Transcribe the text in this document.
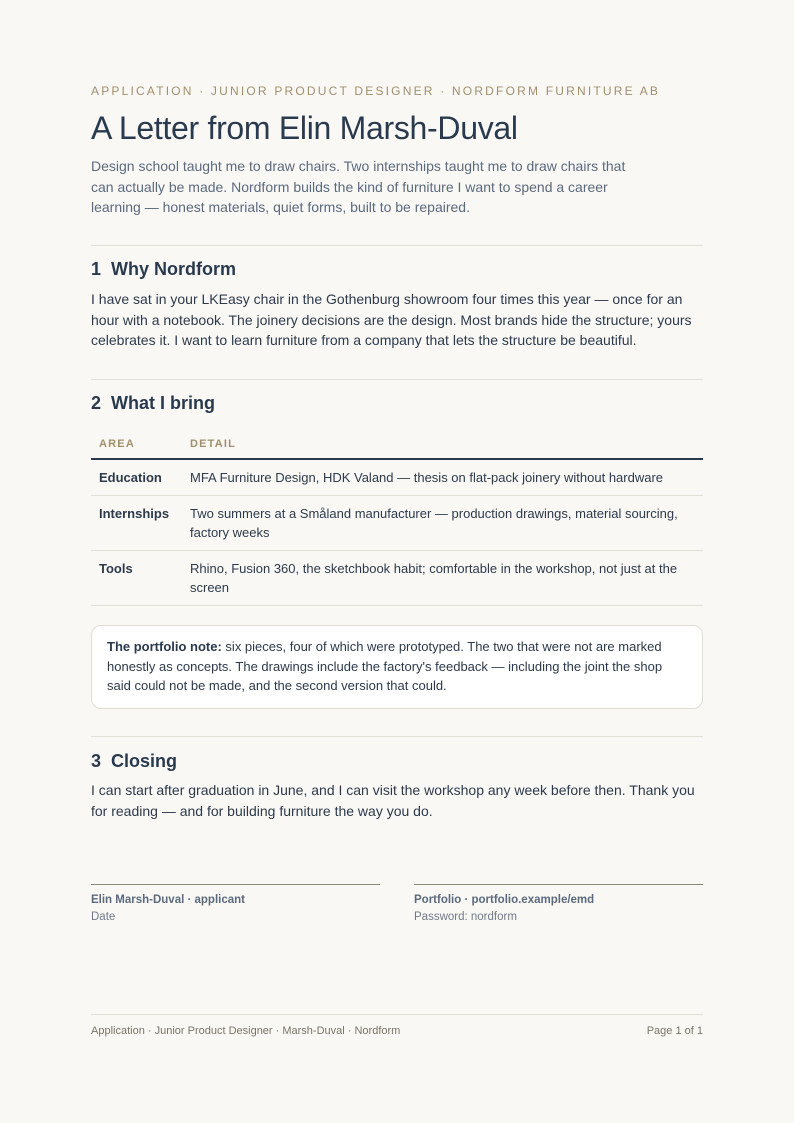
APPLICATION · JUNIOR PRODUCT DESIGNER · NORDFORM FURNITURE AB
A Letter from Elin Marsh-Duval

Design school taught me to draw chairs. Two internships taught me to draw chairs that can actually be made. Nordform builds the kind of furniture I want to spend a career learning — honest materials, quiet forms, built to be repaired.

1 Why Nordform

I have sat in your LKEasy chair in the Gothenburg showroom four times this year — once for an hour with a notebook. The joinery decisions are the design. Most brands hide the structure; yours celebrates it. I want to learn furniture from a company that lets the structure be beautiful.

2 What I bring
AREA	DETAIL
Education	MFA Furniture Design, HDK Valand — thesis on flat-pack joinery without hardware
Internships	Two summers at a Småland manufacturer — production drawings, material sourcing, factory weeks
Tools	Rhino, Fusion 360, the sketchbook habit; comfortable in the workshop, not just at the screen
The portfolio note: six pieces, four of which were prototyped. The two that were not are marked honestly as concepts. The drawings include the factory's feedback — including the joint the shop said could not be made, and the second version that could.
3 Closing

I can start after graduation in June, and I can visit the workshop any week before then. Thank you for reading — and for building furniture the way you do.

Elin Marsh-Duval · applicant
Date
Portfolio · portfolio.example/emd
Password: nordform
Application · Junior Product Designer · Marsh-Duval · Nordform	Page 1 of 1
